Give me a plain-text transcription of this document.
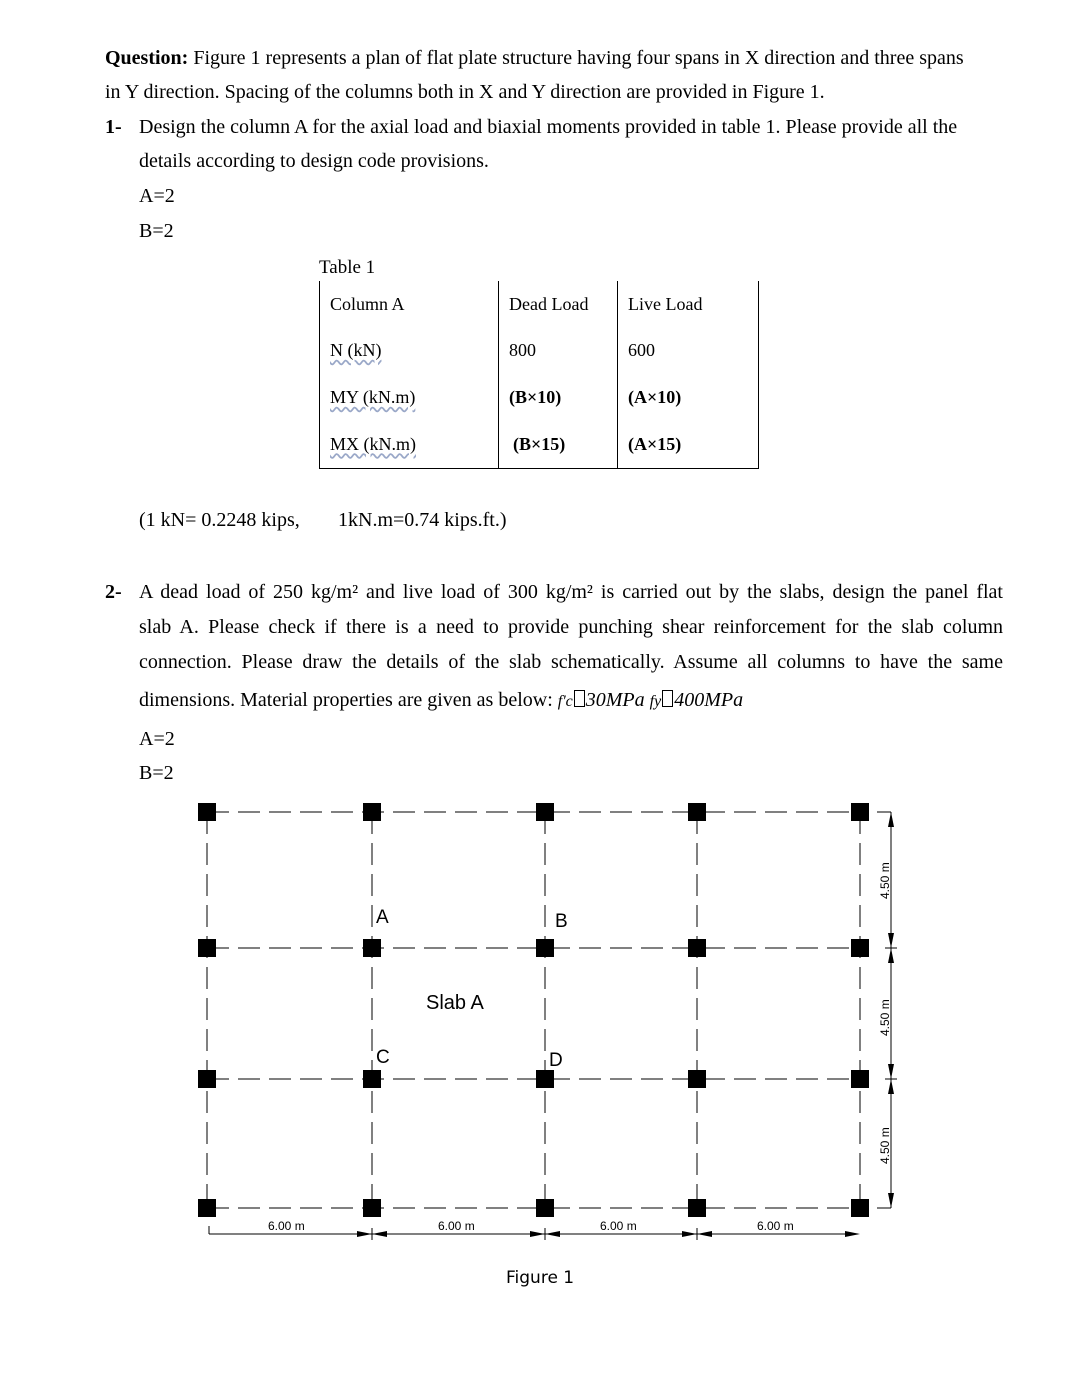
Question: Figure 1 represents a plan of flat plate structure having four spans in X direction and three spans
in Y direction. Spacing of the columns both in X and Y direction are provided in Figure 1.
1- Design the column A for the axial load and biaxial moments provided in table 1. Please provide all the
details according to design code provisions.
A=2
B=2
Table 1
Column A	Dead Load	Live Load
N (kN)	800	600
MY (kN.m)	(B×10)	(A×10)
MX (kN.m)	(B×15)	(A×15)
(1 kN= 0.2248 kips, 1kN.m=0.74 kips.ft.)
2- A dead load of 250 kg/m² and live load of 300 kg/m² is carried out by the slabs, design the panel flat
slab A. Please check if there is a need to provide punching shear reinforcement for the slab column
connection. Please draw the details of the slab schematically. Assume all columns to have the same
dimensions. Material properties are given as below: f'c 30MPa fy 400MPa
A=2
B=2
A	B
Slab A
C	D
6.00 m	6.00 m	6.00 m	6.00 m
4.50 m
4.50 m
4.50 m
Figure 1
